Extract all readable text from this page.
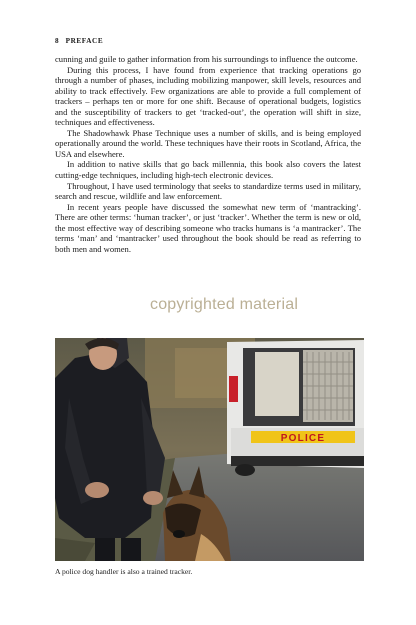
8 PREFACE

cunning and guile to gather information from his surroundings to influence the outcome.

During this process, I have found from experience that tracking operations go through a number of phases, including mobilizing manpower, skill levels, resources and ability to track effectively. Few organizations are able to provide a full complement of trackers – perhaps ten or more for one shift. Because of operational budgets, logistics and the susceptibility of trackers to get ‘tracked-out’, the operation will shift in size, techniques and effectiveness.

The Shadowhawk Phase Technique uses a number of skills, and is being employed operationally around the world. These techniques have their roots in Scotland, Africa, the USA and elsewhere.

In addition to native skills that go back millennia, this book also covers the latest cutting-edge techniques, including high-tech electronic devices.

Throughout, I have used terminology that seeks to standardize terms used in military, search and rescue, wildlife and law enforcement.

In recent years people have discussed the somewhat new term of ‘mantracking’. There are other terms: ‘human tracker’, or just ‘tracker’. Whether the term is new or old, the most effective way of describing someone who tracks humans is ‘a mantracker’. The terms ‘man’ and ‘mantracker’ used throughout the book should be read as referring to both men and women.

copyrighted material
POLICE
A police dog handler is also a trained tracker.
